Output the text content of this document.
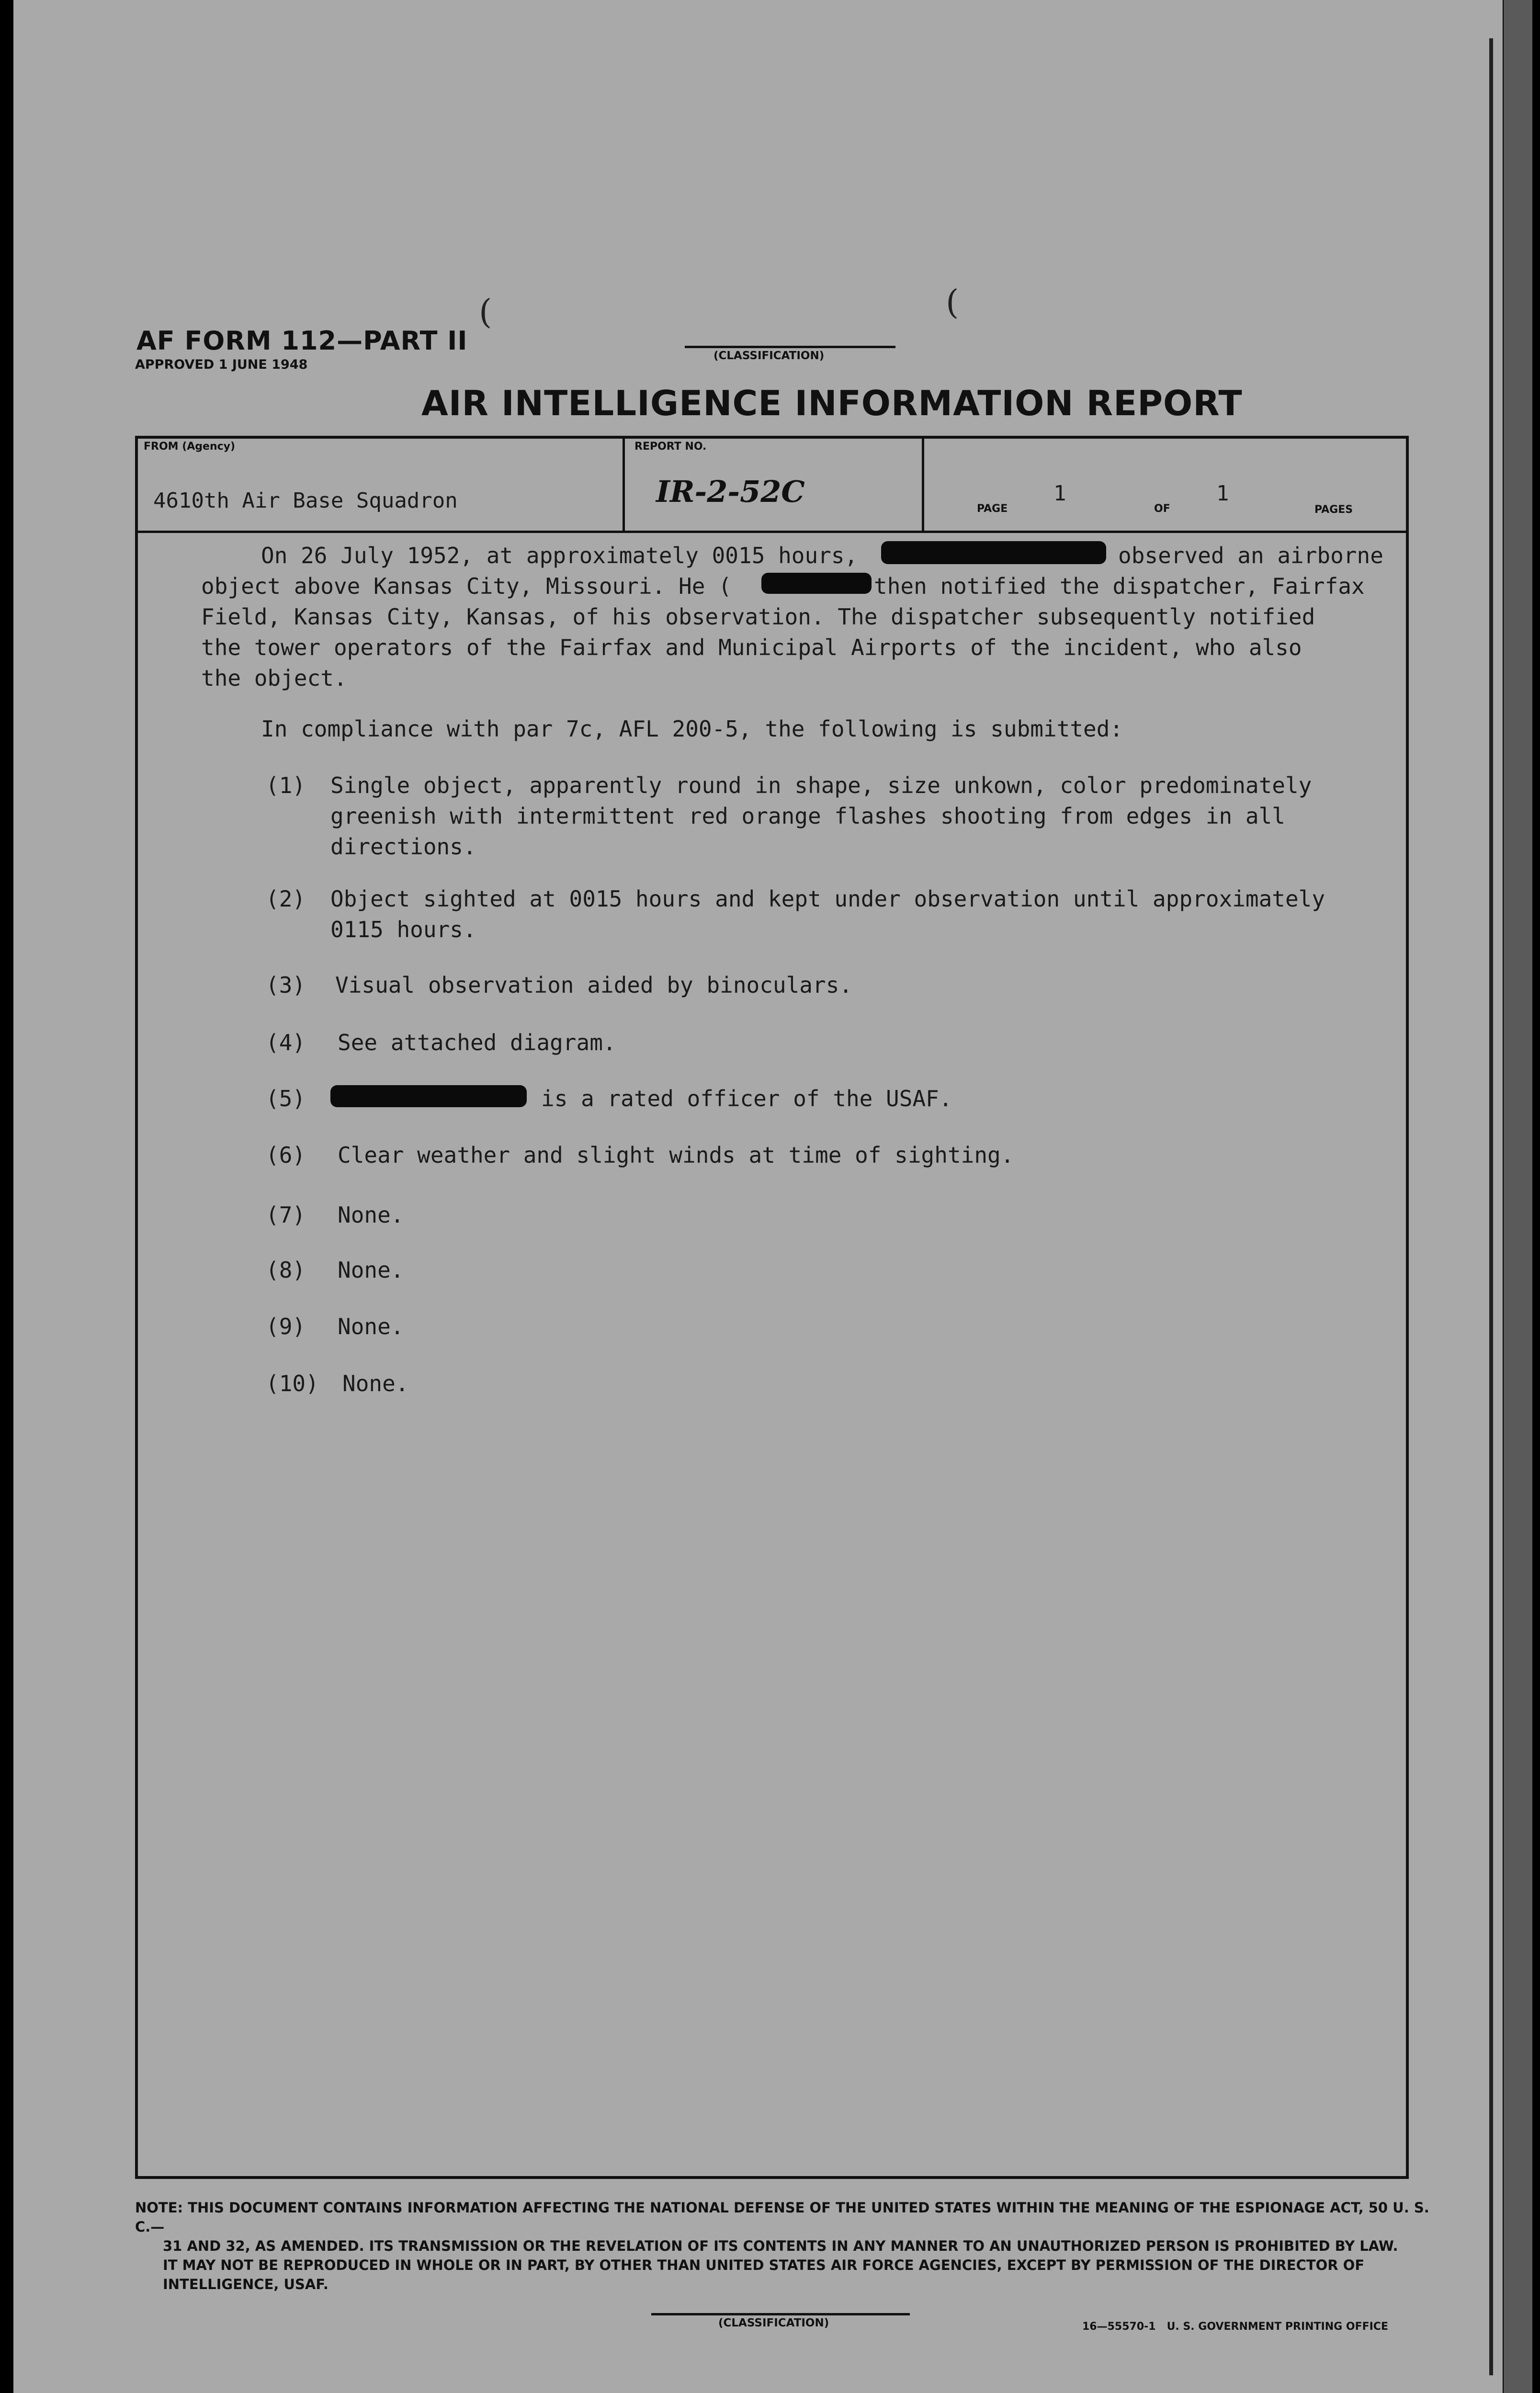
(	(
AF FORM 112—PART II
APPROVED 1 JUNE 1948
(CLASSIFICATION)
AIR INTELLIGENCE INFORMATION REPORT
FROM (Agency)
4610th Air Base Squadron
REPORT NO.
IR-2-52C	PAGE
1
OF
1
PAGES
On 26 July 1952, at approximately 0015 hours,	observed an airborne
object above Kansas City, Missouri. He (	then notified the dispatcher, Fairfax
Field, Kansas City, Kansas, of his observation. The dispatcher subsequently notified
the tower operators of the Fairfax and Municipal Airports of the incident, who also
the object.
In compliance with par 7c, AFL 200-5, the following is submitted:
(1) Single object, apparently round in shape, size unkown, color predominately
greenish with intermittent red orange flashes shooting from edges in all
directions.
(2) Object sighted at 0015 hours and kept under observation until approximately
0115 hours.
(3) Visual observation aided by binoculars.
(4) See attached diagram.
(5)	is a rated officer of the USAF.
(6) Clear weather and slight winds at time of sighting.
(7) None.
(8) None.
(9) None.
(10) None.
NOTE: THIS DOCUMENT CONTAINS INFORMATION AFFECTING THE NATIONAL DEFENSE OF THE UNITED STATES WITHIN THE MEANING OF THE ESPIONAGE ACT, 50 U. S. C.—
31 AND 32, AS AMENDED. ITS TRANSMISSION OR THE REVELATION OF ITS CONTENTS IN ANY MANNER TO AN UNAUTHORIZED PERSON IS PROHIBITED BY LAW.
IT MAY NOT BE REPRODUCED IN WHOLE OR IN PART, BY OTHER THAN UNITED STATES AIR FORCE AGENCIES, EXCEPT BY PERMISSION OF THE DIRECTOR OF
INTELLIGENCE, USAF.
(CLASSIFICATION)	16—55570-1   U. S. GOVERNMENT PRINTING OFFICE
